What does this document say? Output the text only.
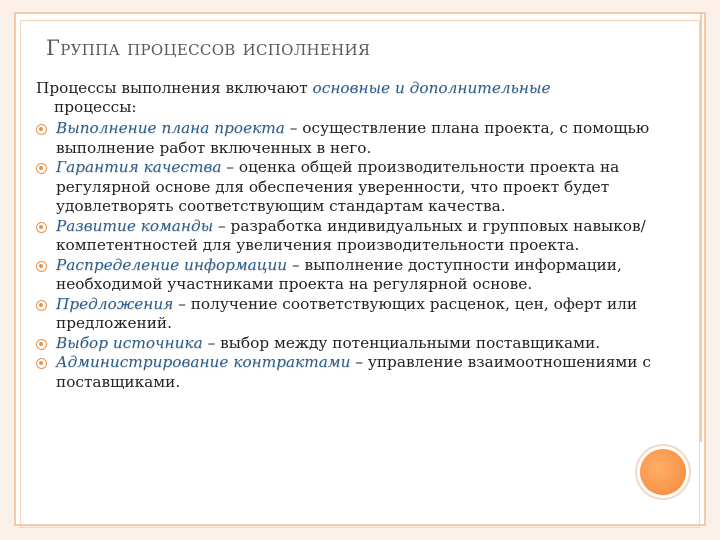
Группа процессов исполнения
Процессы выполнения включают основные и дополнительные
процессы:
Выполнение плана проекта – осуществление плана проекта, с помощью выполнение работ включенных в него.
Гарантия качества – оценка общей производительности проекта на регулярной основе для обеспечения уверенности, что проект будет удовлетворять соответствующим стандартам качества.
Развитие команды – разработка индивидуальных и групповых навыков/компетентностей для увеличения производительности проекта.
Распределение информации – выполнение доступности информации, необходимой участниками проекта на регулярной основе.
Предложения – получение соответствующих расценок, цен, оферт или предложений.
Выбор источника – выбор между потенциальными поставщиками.
Администрирование контрактами – управление взаимоотношениями с поставщиками.
